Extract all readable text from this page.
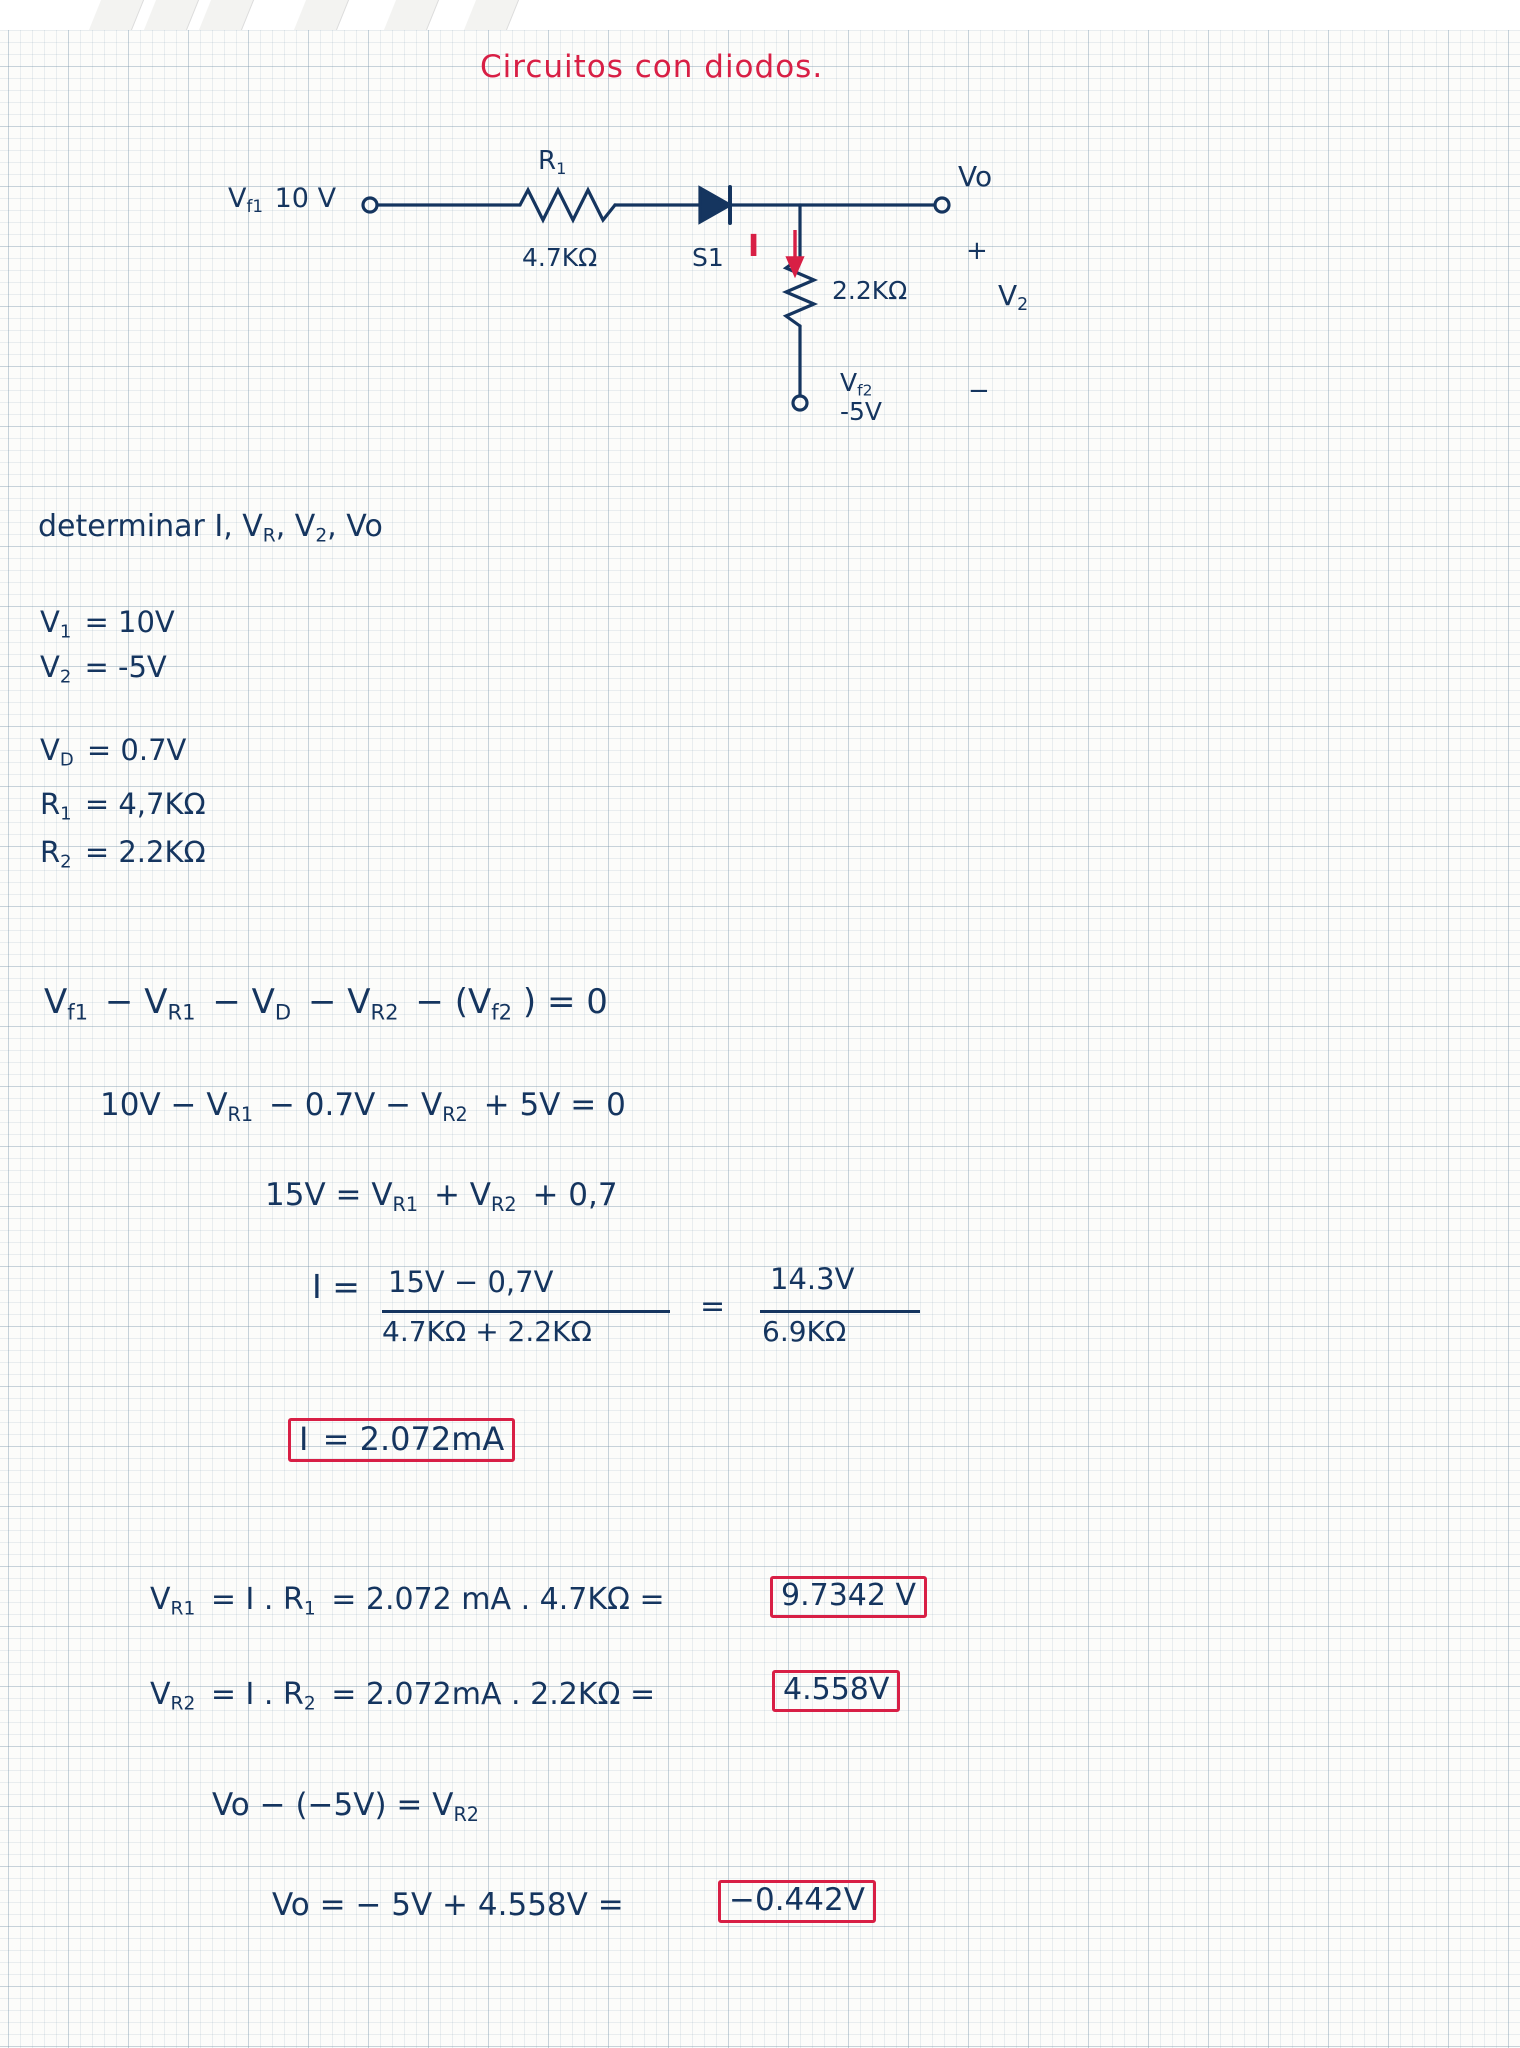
Circuitos con diodos.
$V_{f1}$ 10 V
$R_1$
4.7KΩ	S1 I
2.2KΩ
$V_{f2}$
-5V
Vo
+
$V_2$
−
determinar I, $V_R$, $V_2$, Vo
$V_1 = 10V$
$V_2 = -5V$
$V_D = 0.7V$
$R_1 = 4,7K\Omega$
$R_2 = 2.2K\Omega$
$V_{f1} - V_{R1} - V_D - V_{R2} - (V_{f2}$ ) = 0
$10V - V_{R1} - 0.7V - V_{R2} + 5V = 0$
$15V = V_{R1} + V_{R2} + 0,7$
I = 15V − 0,7V
4.7KΩ + 2.2KΩ
=
14.3V
6.9KΩ
I = 2.072mA
$V_{R1} = I$ . $R_1 = 2.072$ mA . 4.7KΩ =	9.7342 V
$V_{R2} = I$ . $R_2 = 2.072mA$ . 2.2KΩ =	4.558V
$Vo - (-5V) = V_{R2}$
Vo = − 5V + 4.558V =	−0.442V
